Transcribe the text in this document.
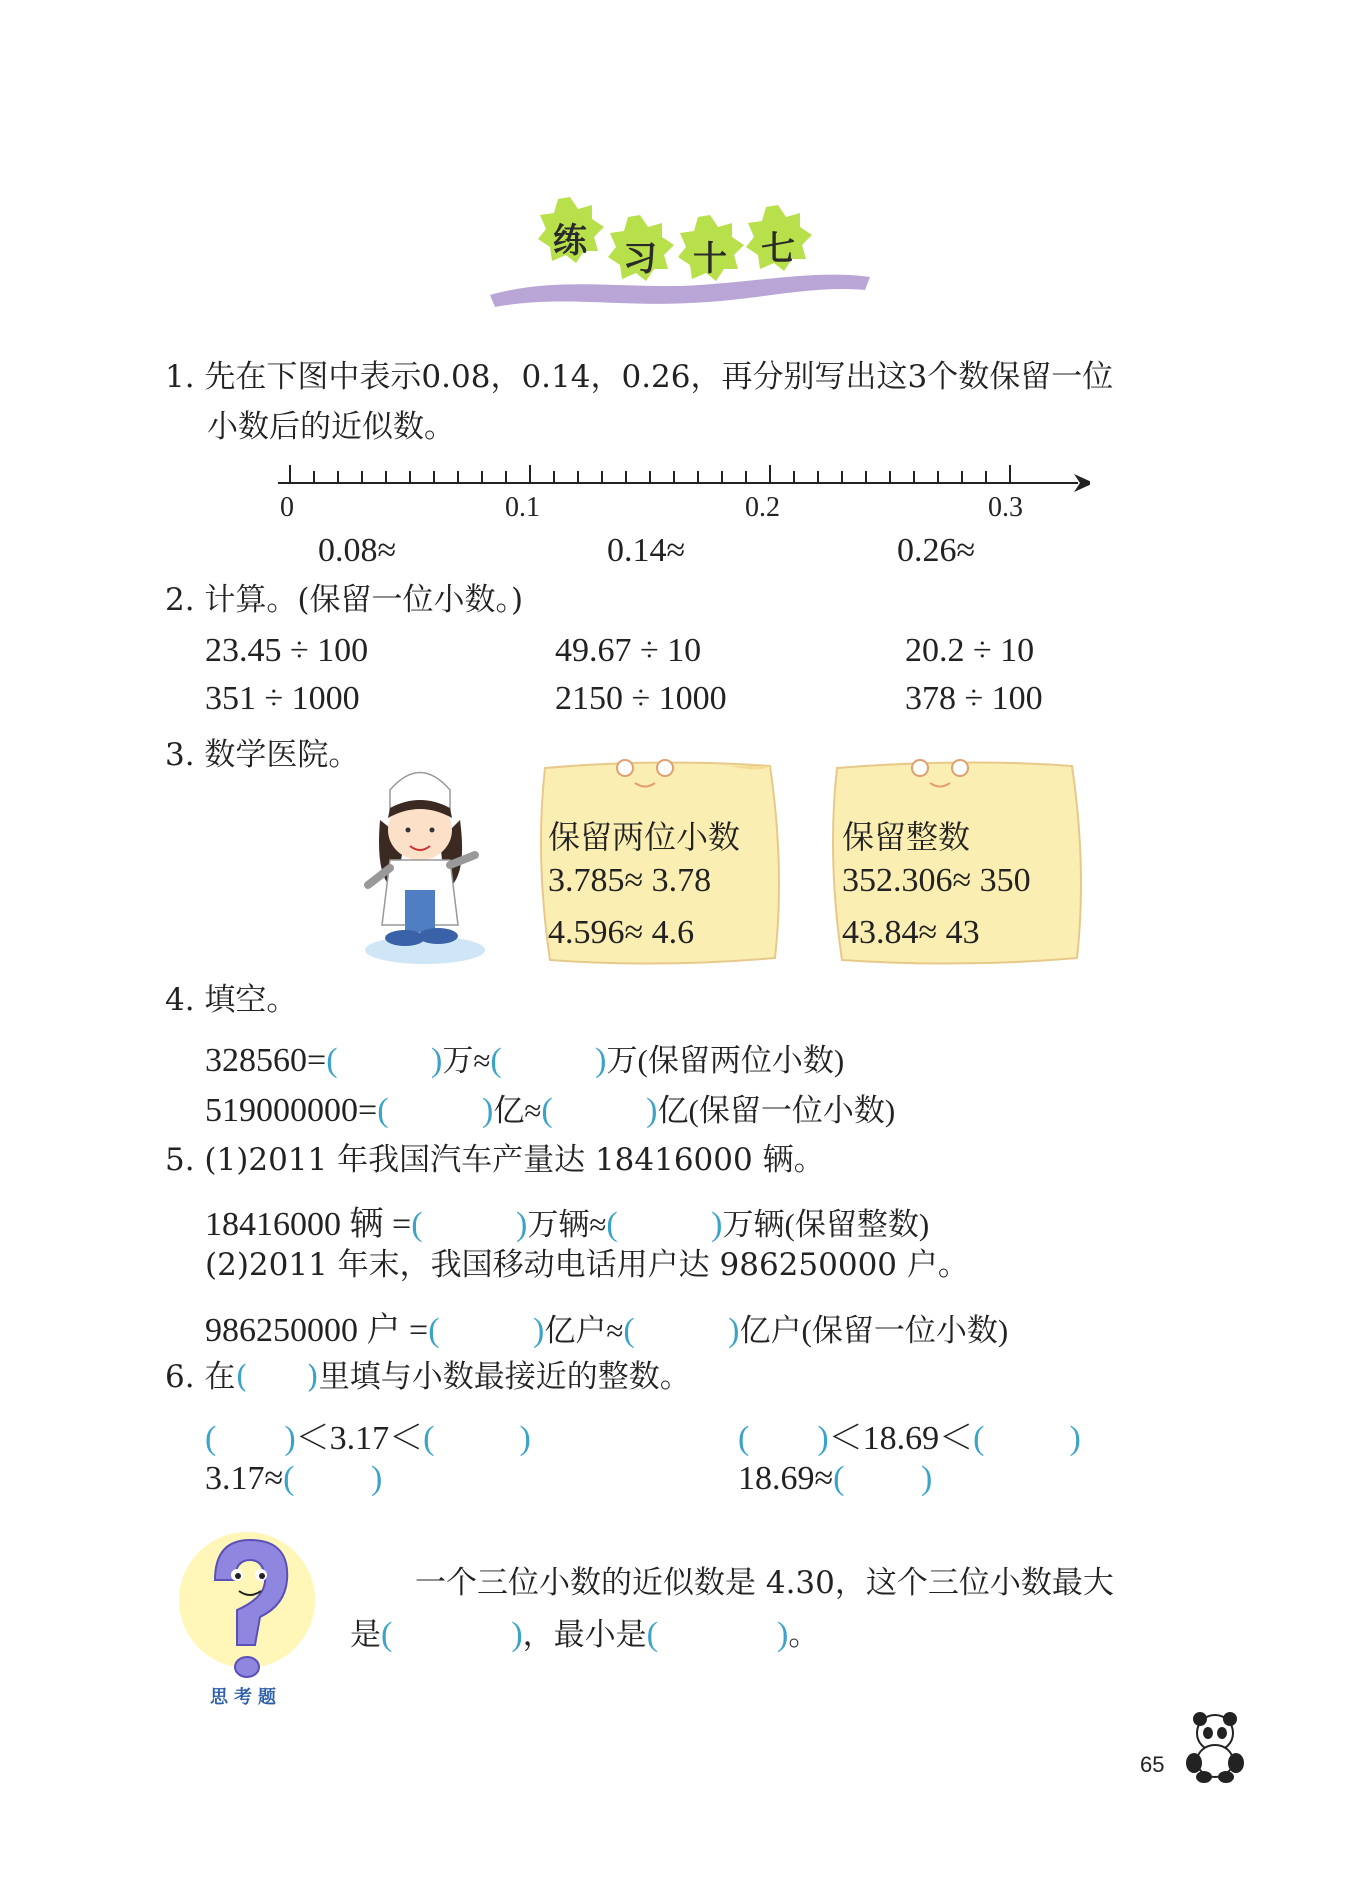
练	习	十	七
1. 先在下图中表示0.08，0.14，0.26，再分别写出这3个数保留一位
小数后的近似数。
0	0.1	0.2	0.3
0.08≈	0.14≈	0.26≈
2. 计算。(保留一位小数。)
23.45 ÷ 100	49.67 ÷ 10	20.2 ÷ 10
351 ÷ 1000	2150 ÷ 1000	378 ÷ 100
3. 数学医院。
保留两位小数
3.785≈ 3.78
4.596≈ 4.6
保留整数
352.306≈ 350
43.84≈ 43
4. 填空。
328560=(           )万≈(           )万(保留两位小数)
519000000=(           )亿≈(           )亿(保留一位小数)
5. (1)2011 年我国汽车产量达 18416000 辆。
18416000 辆 =(           )万辆≈(           )万辆(保留整数)
(2)2011 年末，我国移动电话用户达 986250000 户。
986250000 户 =(           )亿户≈(           )亿户(保留一位小数)
6. 在(      )里填与小数最接近的整数。
(        )＜3.17＜(          )	(        )＜18.69＜(          )
3.17≈(         )	18.69≈(         )
思考题
一个三位小数的近似数是 4.30，这个三位小数最大
是(              )，最小是(              )。
65
